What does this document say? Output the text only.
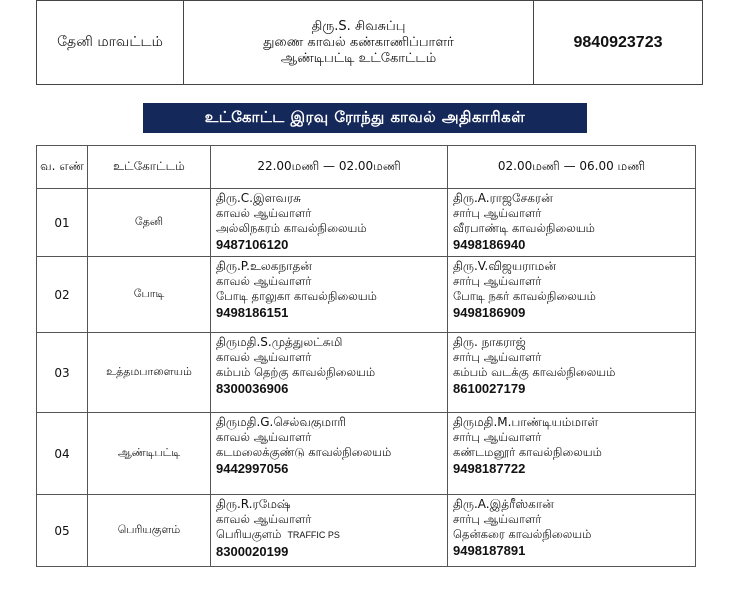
தேனி மாவட்டம்	
திரு.S. சிவசுப்பு
துணை காவல் கண்காணிப்பாளர்
ஆண்டிபட்டி உட்கோட்டம்
	9840923723
உட்கோட்ட இரவு ரோந்து காவல் அதிகாரிகள்
வ. எண்	உட்கோட்டம்	22.00மணி — 02.00மணி	02.00மணி — 06.00 மணி
01	தேனி	திரு.C.இளவரசு
காவல் ஆய்வாளர்
அல்லிநகரம் காவல்நிலையம்
9487106120	திரு.A.ராஜசேகரன்
சார்பு ஆய்வாளர்
வீரபாண்டி காவல்நிலையம்
9498186940

02	போடி	திரு.P.உலகநாதன்
காவல் ஆய்வாளர்
போடி தாலுகா காவல்நிலையம்
9498186151	திரு.V.விஜயராமன்
சார்பு ஆய்வாளர்
போடி நகர் காவல்நிலையம்
9498186909

03	உத்தமபாளையம்	திருமதி.S.முத்துலட்சுமி
காவல் ஆய்வாளர்
கம்பம் தெற்கு காவல்நிலையம்
8300036906	திரு. நாகராஜ்
சார்பு ஆய்வாளர்
கம்பம் வடக்கு காவல்நிலையம்
8610027179

04	ஆண்டிபட்டி	திருமதி.G.செல்வகுமாரி
காவல் ஆய்வாளர்
கடமலைக்குண்டு காவல்நிலையம்
9442997056	திருமதி.M.பாண்டியம்மாள்
சார்பு ஆய்வாளர்
கண்டமனூர் காவல்நிலையம்
9498187722

05	பெரியகுளம்	திரு.R.ரமேஷ்
காவல் ஆய்வாளர்
பெரியகுளம் TRAFFIC PS
8300020199	திரு.A.இத்ரீஸ்கான்
சார்பு ஆய்வாளர்
தென்கரை காவல்நிலையம்
9498187891
